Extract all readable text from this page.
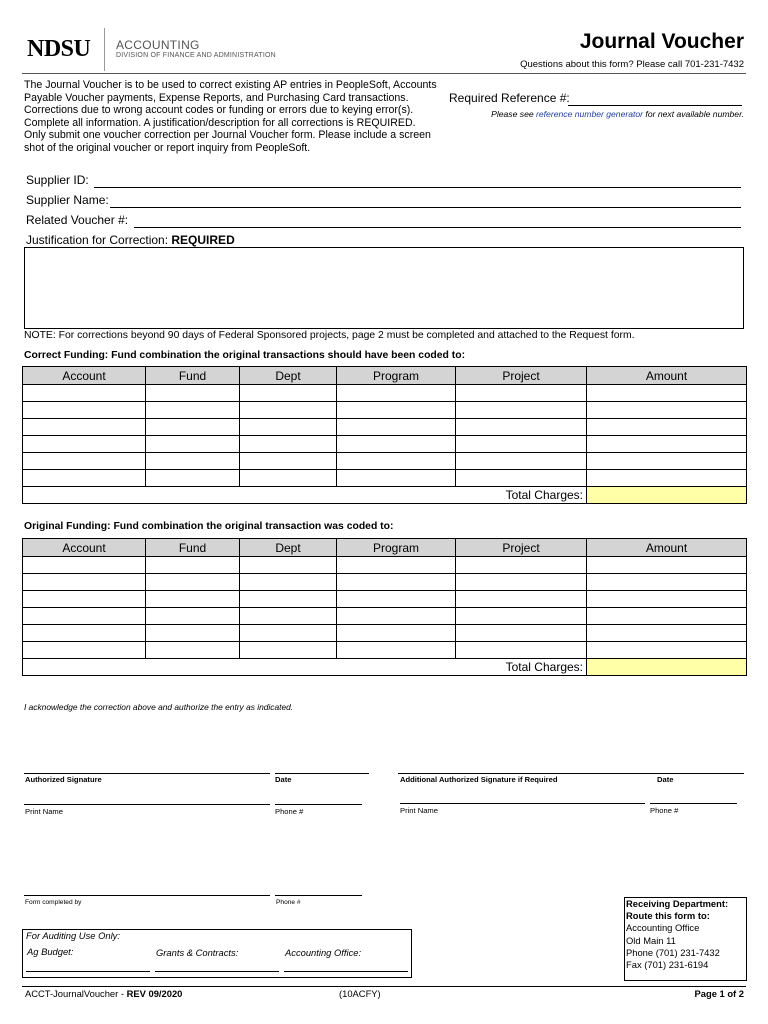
NDSU ACCOUNTING
DIVISION OF FINANCE AND ADMINISTRATION
Journal Voucher
Questions about this form? Please call 701-231-7432
The Journal Voucher is to be used to correct existing AP entries in PeopleSoft, Accounts
Payable Voucher payments, Expense Reports, and Purchasing Card transactions.
Corrections due to wrong account codes or funding or errors due to keying error(s).
Complete all information. A justification/description for all corrections is REQUIRED.
Only submit one voucher correction per Journal Voucher form. Please include a screen
shot of the original voucher or report inquiry from PeopleSoft.
Required Reference #:
Please see reference number generator for next available number.
Supplier ID:
Supplier Name:
Related Voucher #:
Justification for Correction: REQUIRED
NOTE: For corrections beyond 90 days of Federal Sponsored projects, page 2 must be completed and attached to the Request form.
Correct Funding: Fund combination the original transactions should have been coded to:
Account	Fund	Dept	Program	Project	Amount

Total Charges:					
Original Funding: Fund combination the original transaction was coded to:
Account	Fund	Dept	Program	Project	Amount

Total Charges:					
I acknowledge the correction above and authorize the entry as indicated.
Authorized Signature	Date	Additional Authorized Signature if Required	Date
Print Name	Phone #	Print Name	Phone #
Form completed by	Phone #
For Auditing Use Only:
Ag Budget:	Grants & Contracts:	Accounting Office:
Receiving Department:
Route this form to:
Accounting Office
Old Main 11
Phone (701) 231-7432
Fax (701) 231-6194
ACCT-JournalVoucher - REV 09/2020	(10ACFY)	Page 1 of 2
